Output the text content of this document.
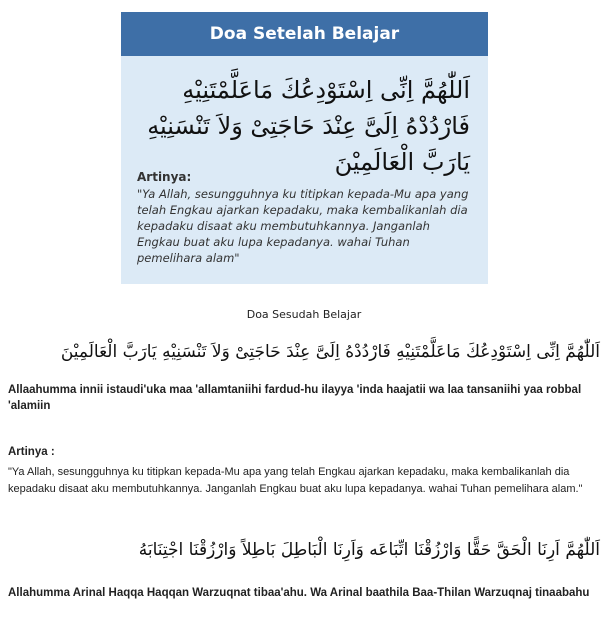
Doa Setelah Belajar
اَللّٰهُمَّ اِنِّى اِسْتَوْدِعُكَ مَاعَلَّمْتَنِيْهِ فَارْدُدْهُ اِلَىَّ عِنْدَ حَاجَتِىْ وَلاَ تَنْسَنِيْهِ يَارَبَّ الْعَالَمِيْنَ
Artinya:
"Ya Allah, sesungguhnya ku titipkan kepada-Mu apa yang telah Engkau ajarkan kepadaku, maka kembalikanlah dia kepadaku disaat aku membutuhkannya. Janganlah Engkau buat aku lupa kepadanya. wahai Tuhan pemelihara alam"
Doa Sesudah Belajar
اَللّٰهُمَّ اِنِّى اِسْتَوْدِعُكَ مَاعَلَّمْتَنِيْهِ فَارْدُدْهُ اِلَىَّ عِنْدَ حَاجَتِىْ وَلاَ تَنْسَنِيْهِ يَارَبَّ الْعَالَمِيْنَ
Allaahumma innii istaudi'uka maa 'allamtaniihi fardud-hu ilayya 'inda haajatii wa laa tansaniihi yaa robbal 'alamiin
Artinya :
"Ya Allah, sesungguhnya ku titipkan kepada-Mu apa yang telah Engkau ajarkan kepadaku, maka kembalikanlah dia kepadaku disaat aku membutuhkannya. Janganlah Engkau buat aku lupa kepadanya. wahai Tuhan pemelihara alam."
اَللّٰهُمَّ اَرِنَا الْحَقَّ حَقًّا وَارْزُقْنَا اتِّبَاعَه وَاَرِنَا الْبَاطِلَ بَاطِلاً وَارْزُقْنَا اجْتِنَابَهُ
Allahumma Arinal Haqqa Haqqan Warzuqnat tibaa'ahu. Wa Arinal baathila Baa-Thilan Warzuqnaj tinaabahu
